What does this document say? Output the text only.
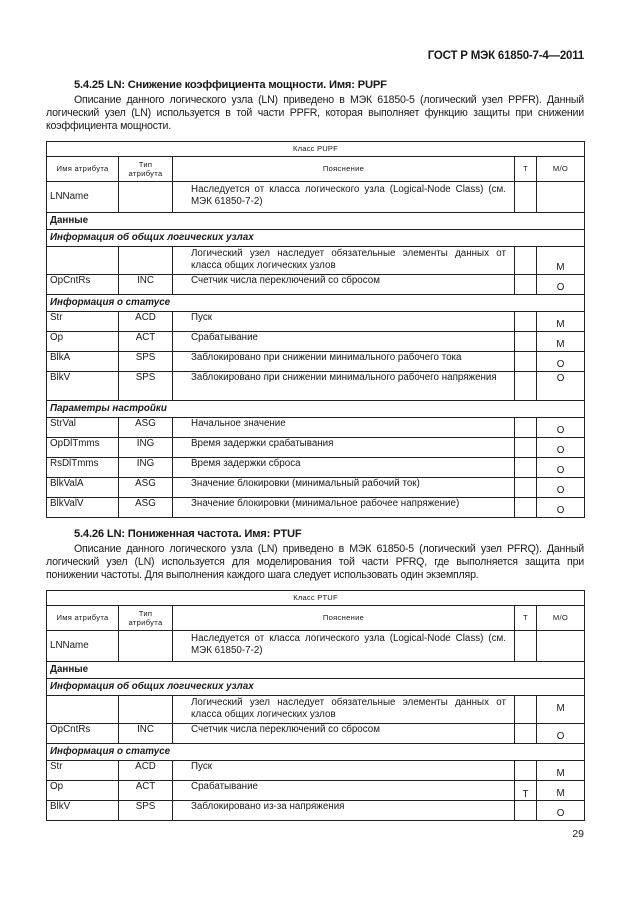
ГОСТ Р МЭК 61850-7-4—2011

5.4.25 LN: Снижение коэффициента мощности. Имя: PUPF

Описание данного логического узла (LN) приведено в МЭК 61850-5 (логический узел PPFR). Данный логический узел (LN) используется в той части PPFR, которая выполняет функцию защиты при снижении коэффициента мощности.

Класс PUPF				
Имя атрибута	Тип атрибута	Пояснение	Т	М/О
LNName		Наследуется от класса логического узла (Logical-Node Class) (см. МЭК 61850-7-2)		
Данные				
Информация об общих логических узлах				
		Логический узел наследует обязательные элементы данных от класса общих логических узлов		M
OpCntRs	INC	Счетчик числа переключений со сбросом		O
Информация о статусе				
Str	ACD	Пуск		M
Op	ACT	Срабатывание		M
BlkA	SPS	Заблокировано при снижении минимального рабочего тока		O
BlkV	SPS	Заблокировано при снижении минимального рабочего напряжения		O
Параметры настройки				
StrVal	ASG	Начальное значение		O
OpDlTmms	ING	Время задержки срабатывания		O
RsDlTmms	ING	Время задержки сброса		O
BlkValA	ASG	Значение блокировки (минимальный рабочий ток)		O
BlkValV	ASG	Значение блокировки (минимальное рабочее напряжение)		O

5.4.26 LN: Пониженная частота. Имя: PTUF

Описание данного логического узла (LN) приведено в МЭК 61850-5 (логический узел PFRQ). Данный логический узел (LN) используется для моделирования той части PFRQ, где выполняется защита при понижении частоты. Для выполнения каждого шага следует использовать один экземпляр.

Класс PTUF				
Имя атрибута	Тип атрибута	Пояснение	Т	М/О
LNName		Наследуется от класса логического узла (Logical-Node Class) (см. МЭК 61850-7-2)		
Данные				
Информация об общих логических узлах				
		Логический узел наследует обязательные элементы данных от класса общих логических узлов		M
OpCntRs	INC	Счетчик числа переключений со сбросом		O
Информация о статусе				
Str	ACD	Пуск		M
Op	ACT	Срабатывание	T	M
BlkV	SPS	Заблокировано из-за напряжения		O
29
